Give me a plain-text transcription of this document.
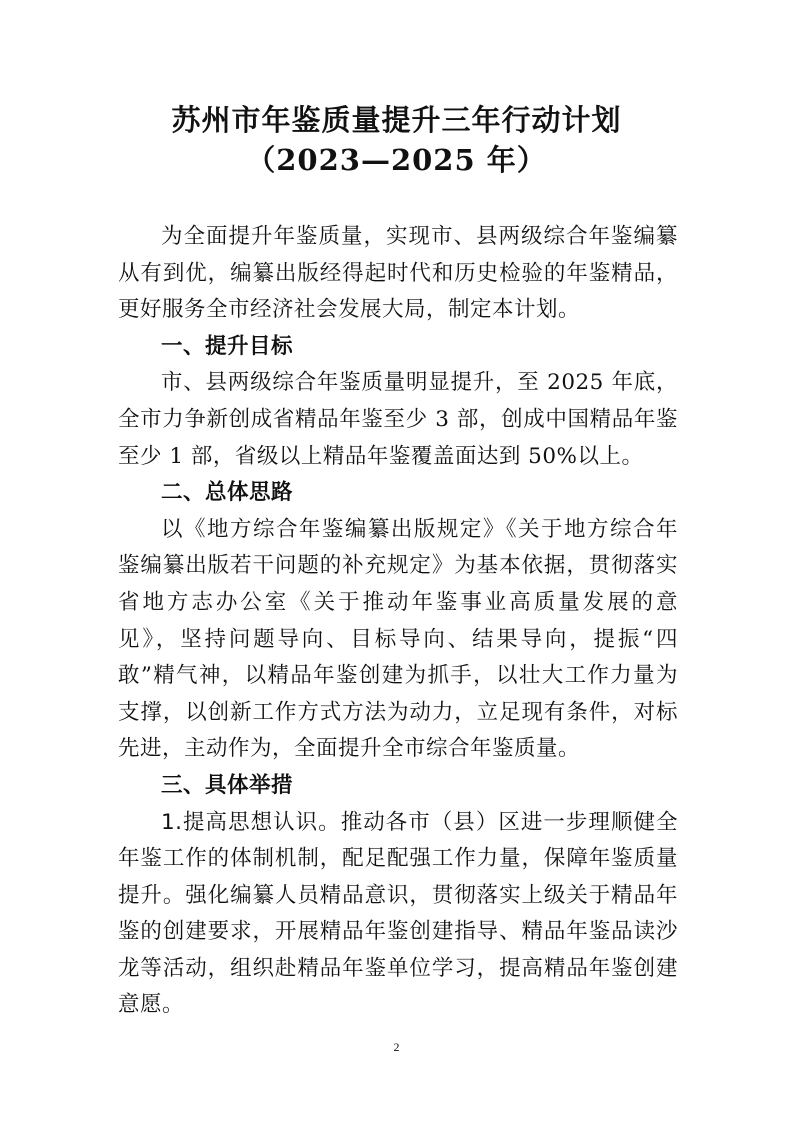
苏州市年鉴质量提升三年行动计划
（2023—2025 年）

为全面提升年鉴质量，实现市、县两级综合年鉴编纂从有到优，编纂出版经得起时代和历史检验的年鉴精品，更好服务全市经济社会发展大局，制定本计划。

一、提升目标

市、县两级综合年鉴质量明显提升，至 2025 年底，全市力争新创成省精品年鉴至少 3 部，创成中国精品年鉴至少 1 部，省级以上精品年鉴覆盖面达到 50%以上。

二、总体思路

以《地方综合年鉴编纂出版规定》《关于地方综合年鉴编纂出版若干问题的补充规定》为基本依据，贯彻落实省地方志办公室《关于推动年鉴事业高质量发展的意见》，坚持问题导向、目标导向、结果导向，提振“四敢”精气神，以精品年鉴创建为抓手，以壮大工作力量为支撑，以创新工作方式方法为动力，立足现有条件，对标先进，主动作为，全面提升全市综合年鉴质量。

三、具体举措

1.提高思想认识。推动各市（县）区进一步理顺健全年鉴工作的体制机制，配足配强工作力量，保障年鉴质量提升。强化编纂人员精品意识，贯彻落实上级关于精品年鉴的创建要求，开展精品年鉴创建指导、精品年鉴品读沙龙等活动，组织赴精品年鉴单位学习，提高精品年鉴创建意愿。

2
